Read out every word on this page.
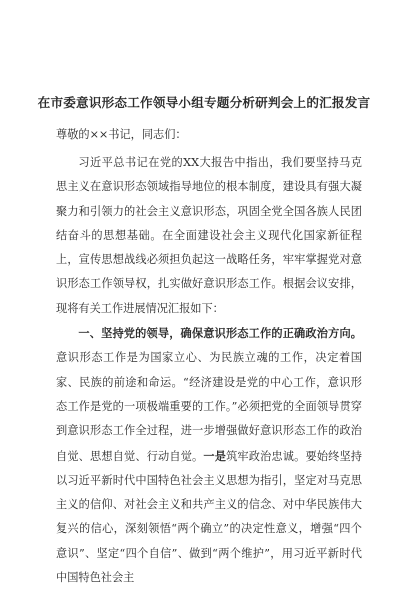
在市委意识形态工作领导小组专题分析研判会上的汇报发言

尊敬的××书记，同志们：

习近平总书记在党的XX大报告中指出，我们要坚持马克思主义在意识形态领域指导地位的根本制度，建设具有强大凝聚力和引领力的社会主义意识形态，巩固全党全国各族人民团结奋斗的思想基础。在全面建设社会主义现代化国家新征程上，宣传思想战线必须担负起这一战略任务，牢牢掌握党对意识形态工作领导权，扎实做好意识形态工作。根据会议安排，现将有关工作进展情况汇报如下：

一、坚持党的领导，确保意识形态工作的正确政治方向。意识形态工作是为国家立心、为民族立魂的工作，决定着国家、民族的前途和命运。“经济建设是党的中心工作，意识形态工作是党的一项极端重要的工作。”必须把党的全面领导贯穿到意识形态工作全过程，进一步增强做好意识形态工作的政治自觉、思想自觉、行动自觉。一是筑牢政治忠诚。要始终坚持以习近平新时代中国特色社会主义思想为指引，坚定对马克思主义的信仰、对社会主义和共产主义的信念、对中华民族伟大复兴的信心，深刻领悟“两个确立”的决定性意义，增强“四个意识”、坚定“四个自信”、做到“两个维护”，用习近平新时代中国特色社会主
